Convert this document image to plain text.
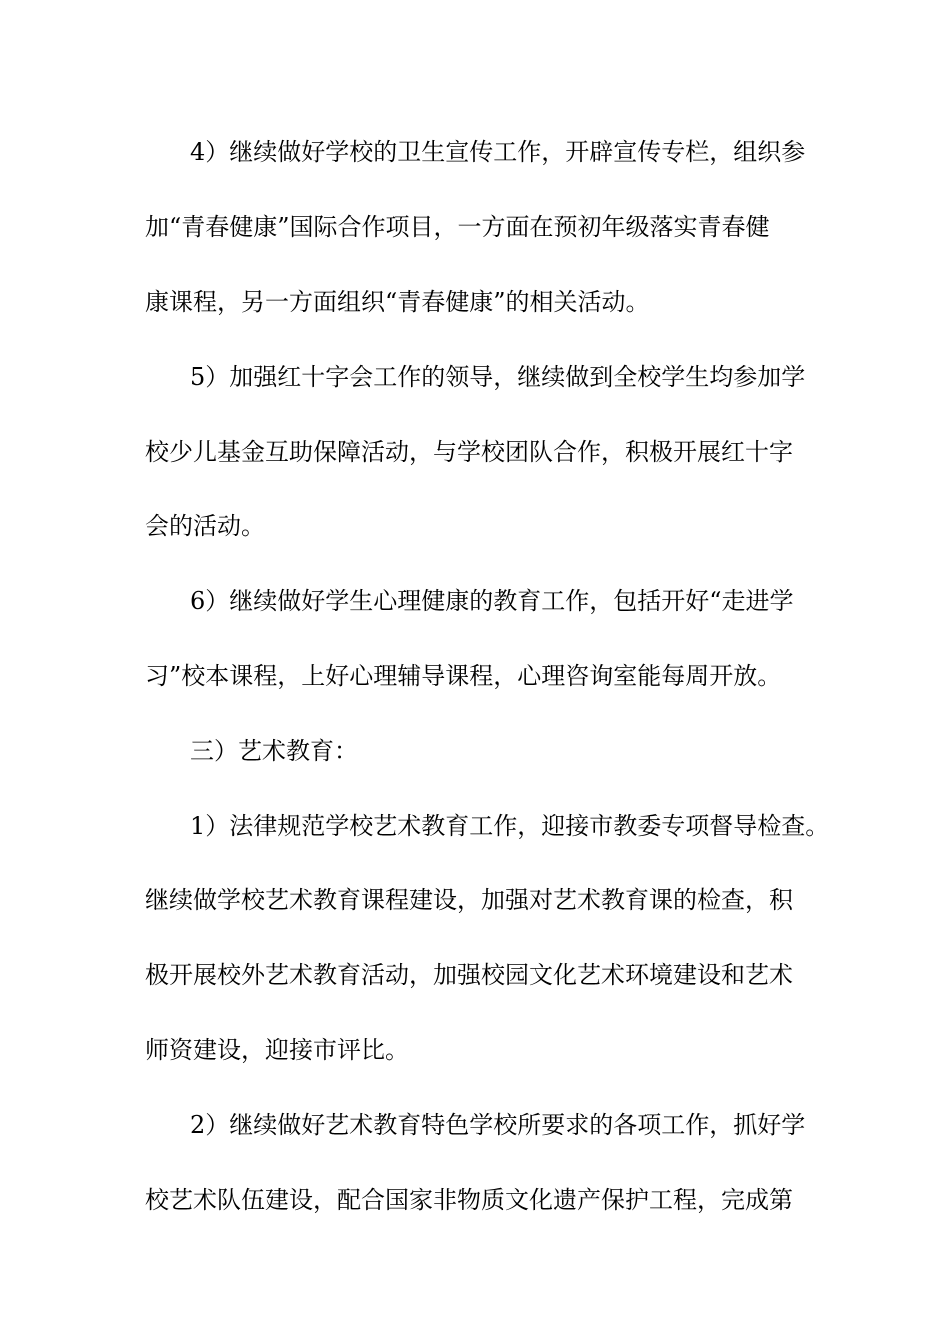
4）继续做好学校的卫生宣传工作，开辟宣传专栏，组织参
加“青春健康”国际合作项目，一方面在预初年级落实青春健
康课程，另一方面组织“青春健康”的相关活动。
5）加强红十字会工作的领导，继续做到全校学生均参加学
校少儿基金互助保障活动，与学校团队合作，积极开展红十字
会的活动。
6）继续做好学生心理健康的教育工作，包括开好“走进学
习”校本课程，上好心理辅导课程，心理咨询室能每周开放。
三）艺术教育：
1）法律规范学校艺术教育工作，迎接市教委专项督导检查。
继续做学校艺术教育课程建设，加强对艺术教育课的检查，积
极开展校外艺术教育活动，加强校园文化艺术环境建设和艺术
师资建设，迎接市评比。
2）继续做好艺术教育特色学校所要求的各项工作，抓好学
校艺术队伍建设，配合国家非物质文化遗产保护工程，完成第
